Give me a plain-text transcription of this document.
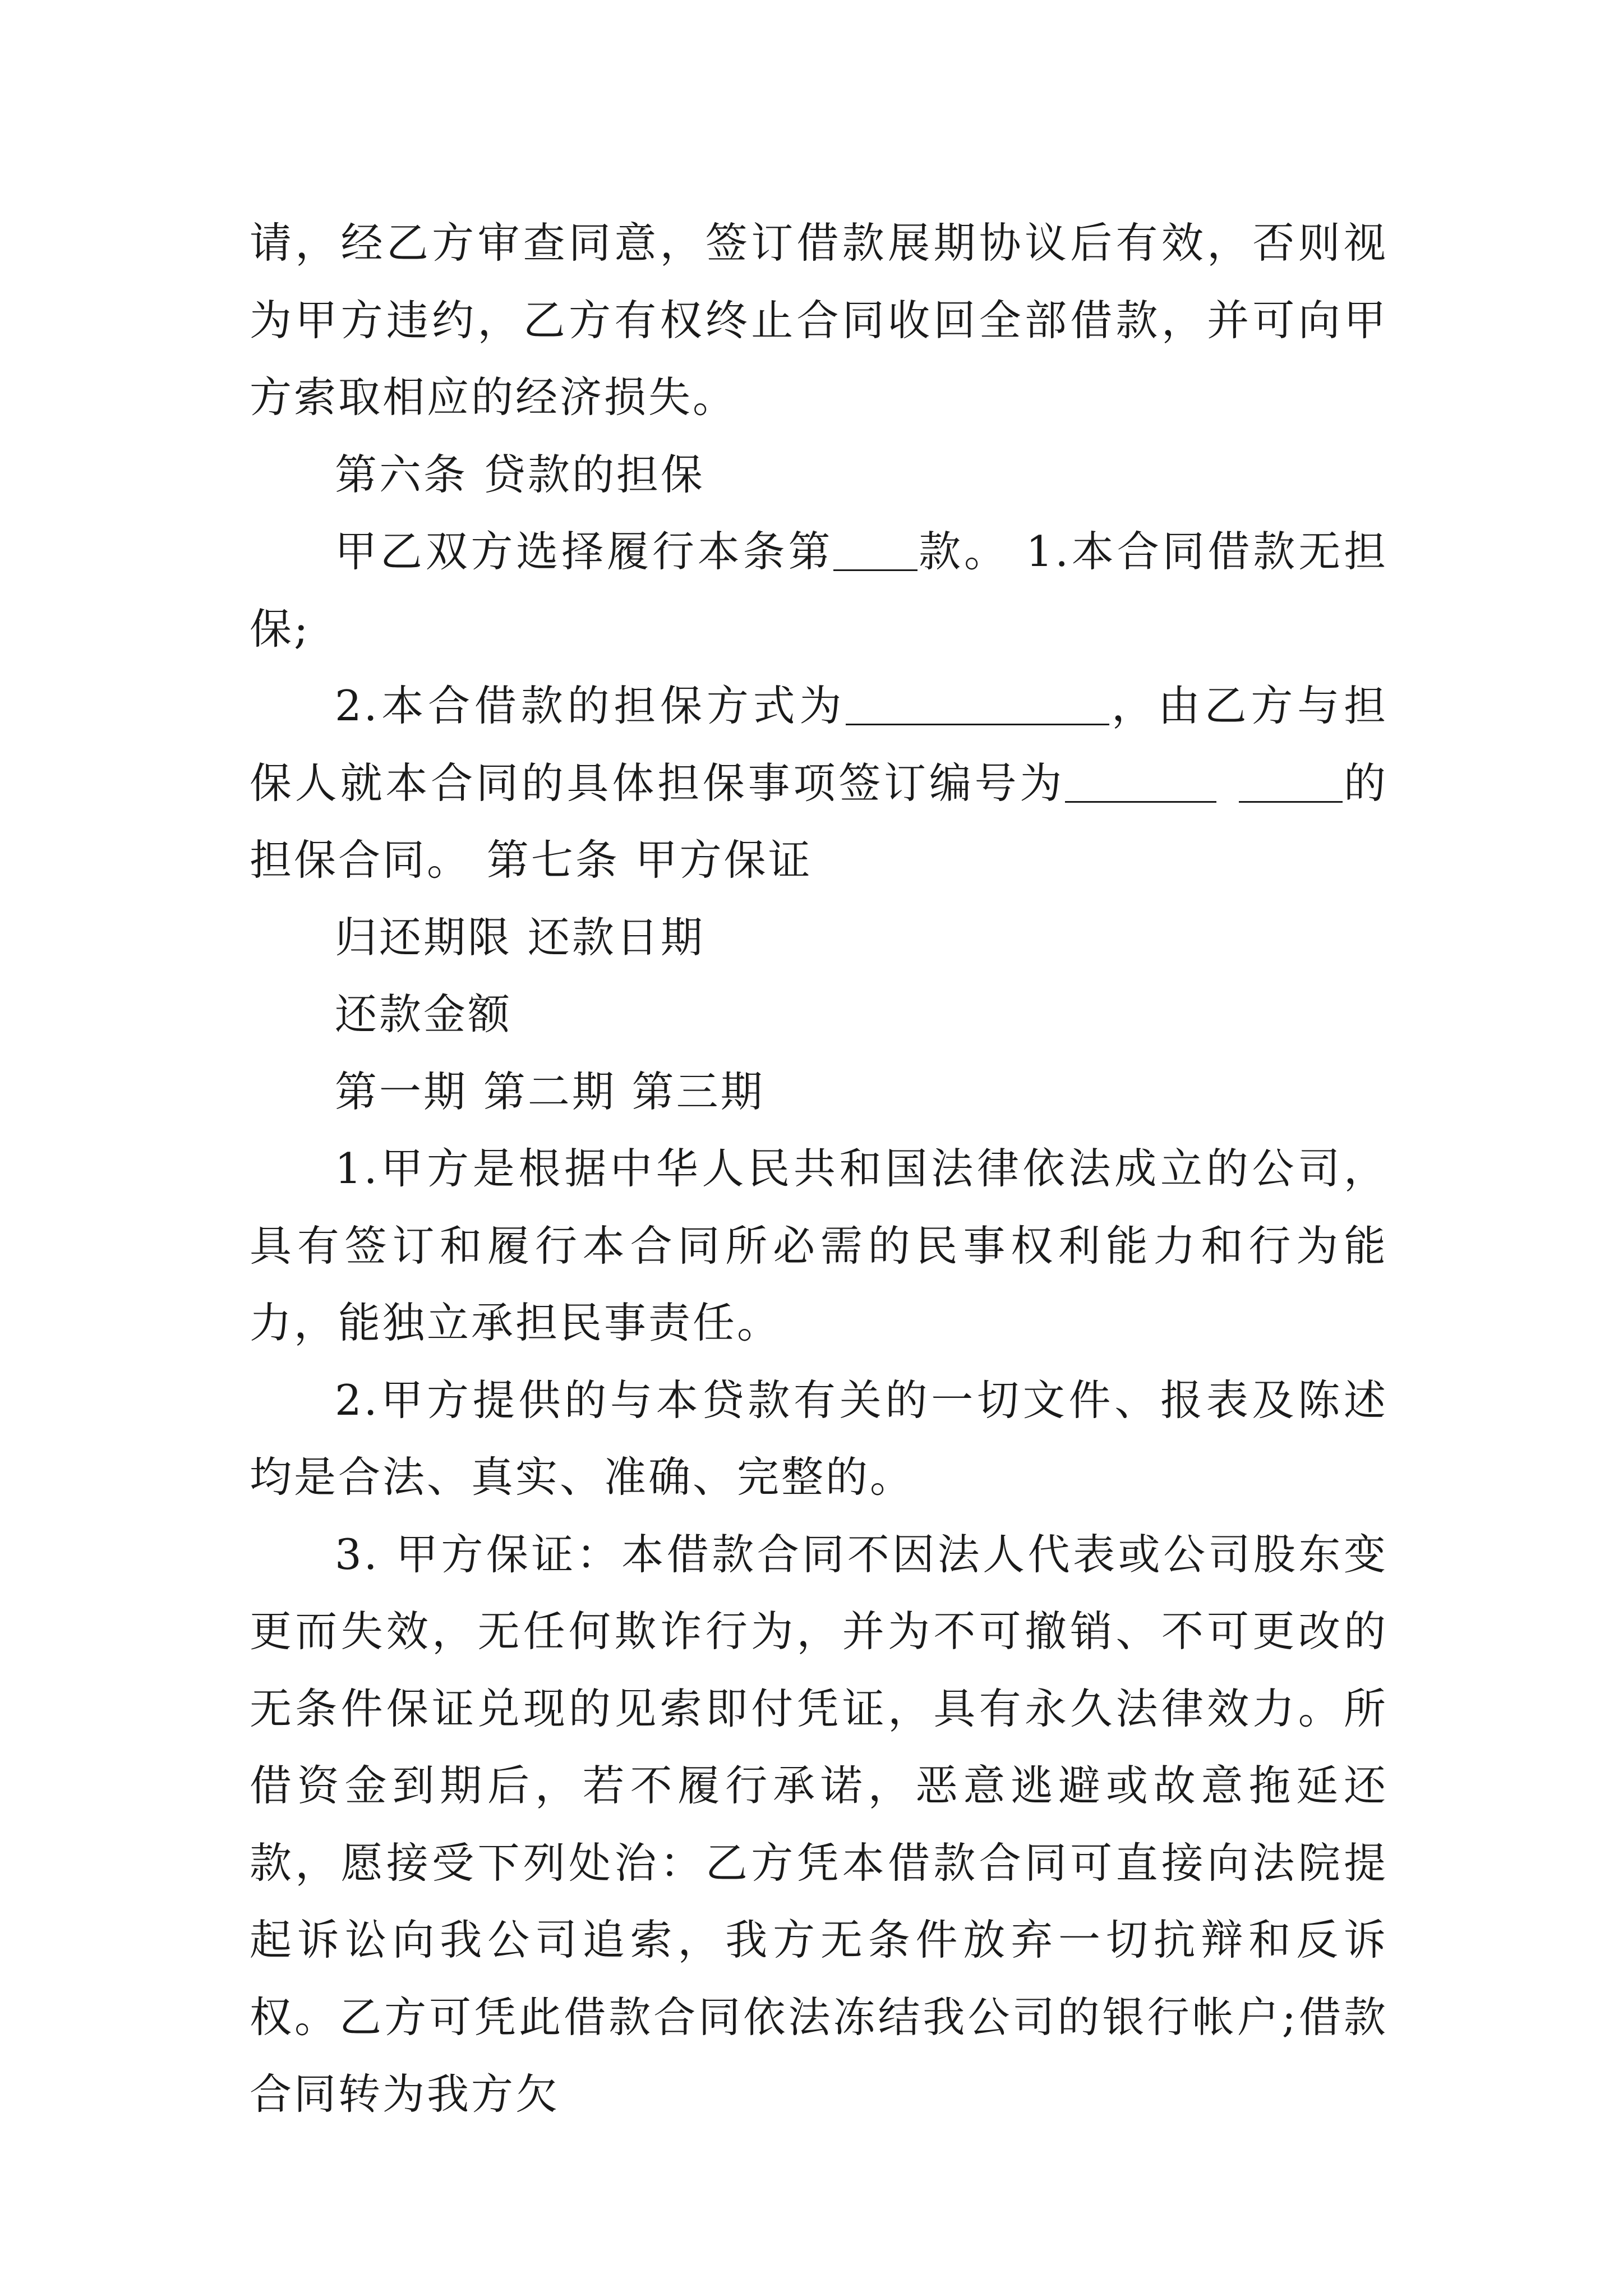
请，经乙方审查同意，签订借款展期协议后有效，否则视为甲方违约，乙方有权终止合同收回全部借款，并可向甲方索取相应的经济损失。

第六条 贷款的担保

甲乙双方选择履行本条第 款。 1.本合同借款无担保;

2.本合借款的担保方式为	，由乙方与担保人就本合同的具体担保事项签订编号为	的担保合同。 第七条 甲方保证

归还期限 还款日期

还款金额

第一期 第二期 第三期

1.甲方是根据中华人民共和国法律依法成立的公司，具有签订和履行本合同所必需的民事权利能力和行为能力，能独立承担民事责任。

2.甲方提供的与本贷款有关的一切文件、报表及陈述均是合法、真实、准确、完整的。

3. 甲方保证：本借款合同不因法人代表或公司股东变更而失效，无任何欺诈行为，并为不可撤销、不可更改的无条件保证兑现的见索即付凭证，具有永久法律效力。所借资金到期后，若不履行承诺，恶意逃避或故意拖延还款，愿接受下列处治：乙方凭本借款合同可直接向法院提起诉讼向我公司追索，我方无条件放弃一切抗辩和反诉权。乙方可凭此借款合同依法冻结我公司的银行帐户;借款合同转为我方欠
